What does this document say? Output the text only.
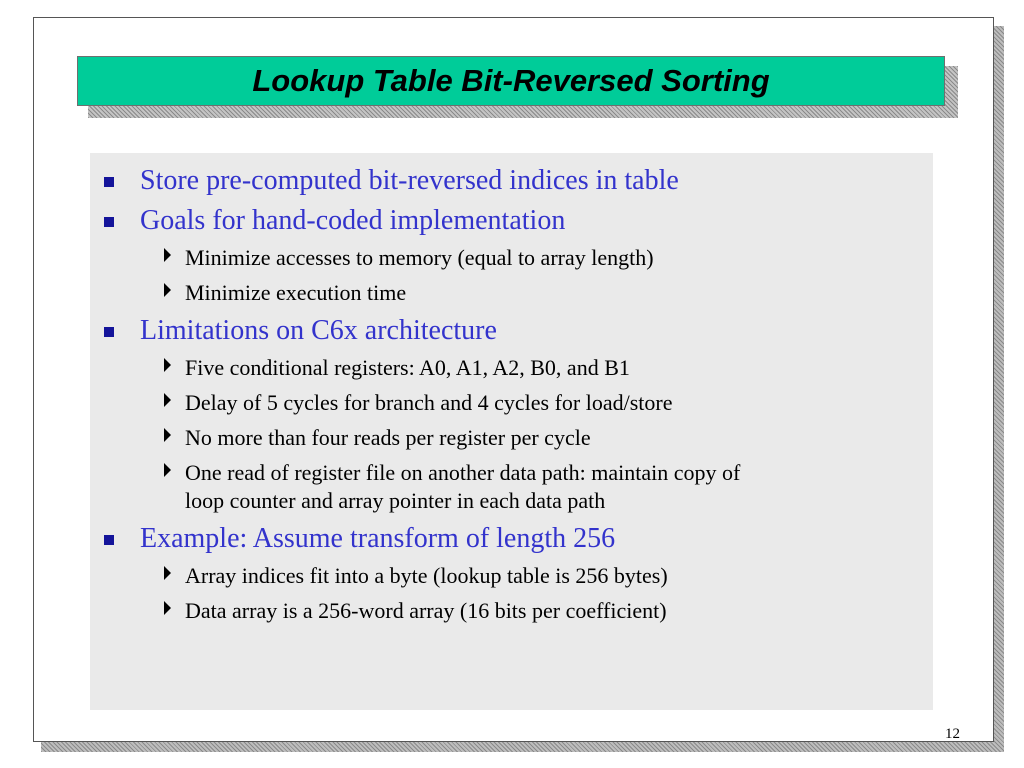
Lookup Table Bit-Reversed Sorting
Store pre-computed bit-reversed indices in table
Goals for hand-coded implementation
Minimize accesses to memory (equal to array length)
Minimize execution time
Limitations on C6x architecture
Five conditional registers: A0, A1, A2, B0, and B1
Delay of 5 cycles for branch and 4 cycles for load/store
No more than four reads per register per cycle
One read of register file on another data path: maintain copy of
loop counter and array pointer in each data path
Example: Assume transform of length 256
Array indices fit into a byte (lookup table is 256 bytes)
Data array is a 256-word array (16 bits per coefficient)
12
